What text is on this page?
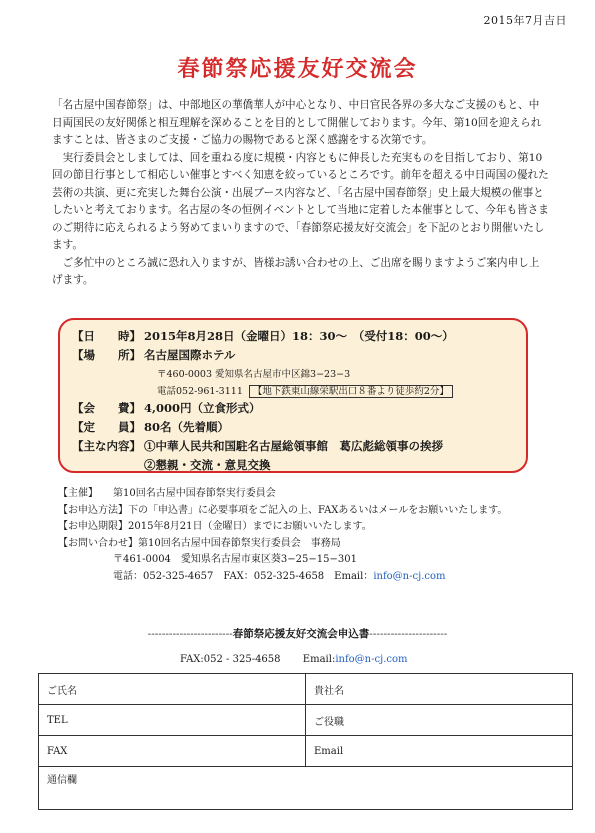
2015年7月吉日
春節祭応援友好交流会

「名古屋中国春節祭」は、中部地区の華僑華人が中心となり、中日官民各界の多大なご支援のもと、中日両国民の友好関係と相互理解を深めることを目的として開催しております。今年、第10回を迎えられますことは、皆さまのご支援・ご協力の賜物であると深く感謝をする次第です。

実行委員会としましては、回を重ねる度に規模・内容ともに伸長した充実ものを目指しており、第10回の節目行事として相応しい催事とすべく知恵を絞っているところです。前年を超える中日両国の優れた芸術の共演、更に充実した舞台公演・出展ブース内容など、「名古屋中国春節祭」史上最大規模の催事としたいと考えております。名古屋の冬の恒例イベントとして当地に定着した本催事として、今年も皆さまのご期待に応えられるよう努めてまいりますので、「春節祭応援友好交流会」を下記のとおり開催いたします。

ご多忙中のところ誠に恐れ入りますが、皆様お誘い合わせの上、ご出席を賜りますようご案内申し上げます。

【日　　時】 2015年8月28日（金曜日）18：30～　（受付18：00～）
【場　　所】 名古屋国際ホテル
〒460-0003 愛知県名古屋市中区錦3−23−3
電話052-961-3111 【地下鉄東山線栄駅出口８番より徒歩約2分】
【会　　費】 4,000円（立食形式）
【定　　員】 80名（先着順）
【主な内容】 ①中華人民共和国駐名古屋総領事館　葛広彪総領事の挨拶
②懇親・交流・意見交換
【主催】	第10回名古屋中国春節祭実行委員会
【お申込方法】 下の「申込書」に必要事項をご記入の上、FAXあるいはメールをお願いいたします。
【お申込期限】 2015年8月21日（金曜日）までにお願いいたします。
【お問い合わせ】 第10回名古屋中国春節祭実行委員会　事務局
〒461-0004　愛知県名古屋市東区葵3−25−15−301
電話：052-325-4657　FAX：052-325-4658　Email： info@n-cj.com
------------------------春節祭応援友好交流会申込書----------------------
FAX:052 - 325-4658 Email:info@n-cj.com
ご氏名	貴社名
TEL	ご役職
FAX	Email
通信欄	
